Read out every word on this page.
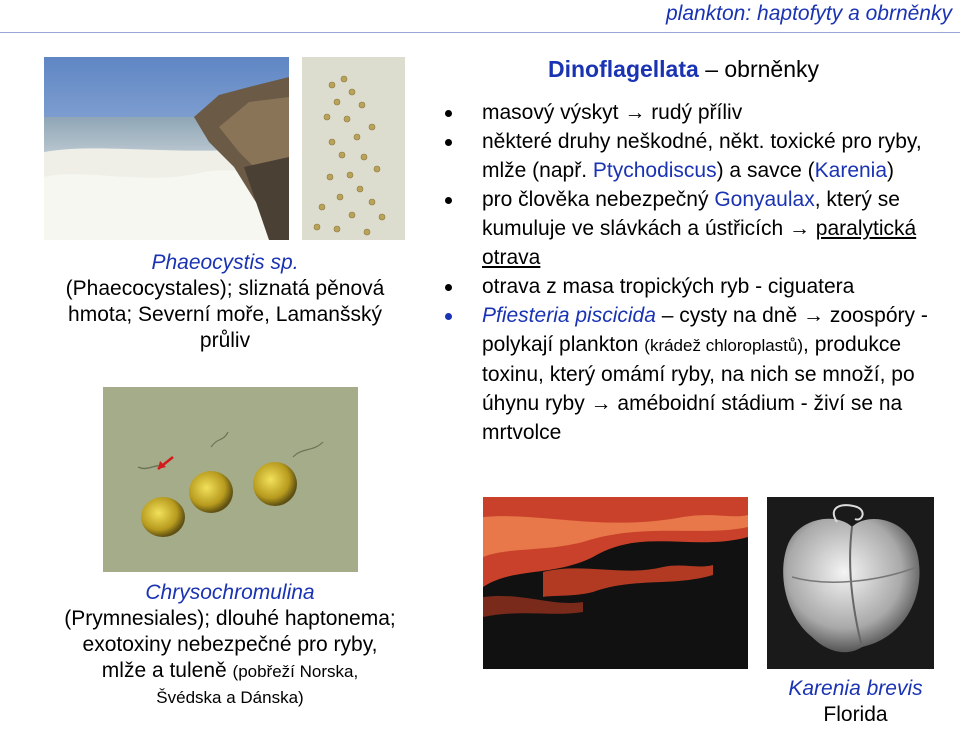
plankton: haptofyty a obrněnky
Phaeocystis sp.
(Phaecocystales); sliznatá pěnová
hmota; Severní moře, Lamanšský
průliv
Chrysochromulina
(Prymnesiales); dlouhé haptonema;
exotoxiny nebezpečné pro ryby,
mlže a tuleně (pobřeží Norska,
Švédska a Dánska)
Dinoflagellata – obrněnky
masový výskyt → rudý příliv
některé druhy neškodné, někt. toxické pro ryby, mlže (např. Ptychodiscus) a savce (Karenia)
pro člověka nebezpečný Gonyaulax, který se kumuluje ve slávkách a ústřicích → paralytická otrava
otrava z masa tropických ryb - ciguatera
Pfiesteria piscicida – cysty na dně → zoospóry - polykají plankton (krádež chloroplastů), produkce toxinu, který omámí ryby, na nich se množí, po úhynu ryby → améboidní stádium - živí se na mrtvolce
Karenia brevis
Florida
